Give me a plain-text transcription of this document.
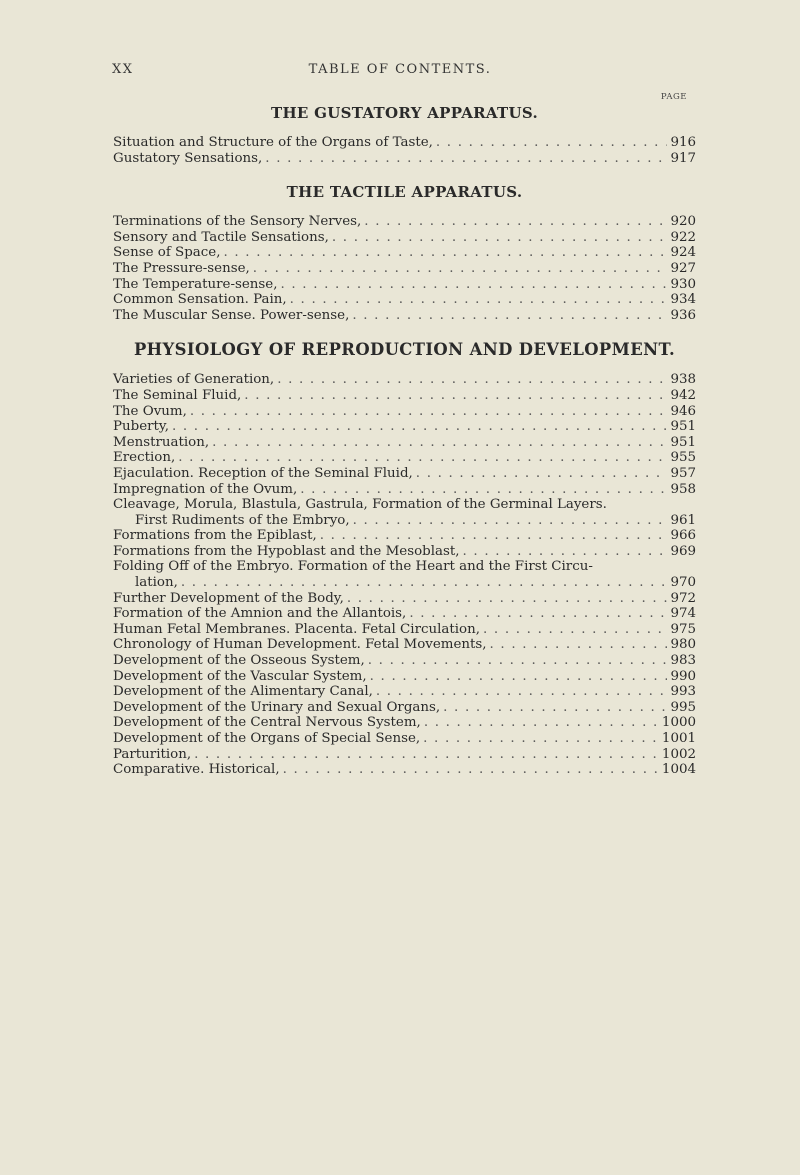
XX	TABLE OF CONTENTS.
PAGE
THE GUSTATORY APPARATUS.
Situation and Structure of the Organs of Taste, . . .	916
Gustatory Sensations, . . .	917
THE TACTILE APPARATUS.
Terminations of the Sensory Nerves, . . .	920
Sensory and Tactile Sensations, . . .	922
Sense of Space, . . .	924
The Pressure-sense, . . .	927
The Temperature-sense, . . .	930
Common Sensation. Pain, . . .	934
The Muscular Sense. Power-sense, . . .	936
PHYSIOLOGY OF REPRODUCTION AND DEVELOPMENT.
Varieties of Generation, . . .	938
The Seminal Fluid, . . .	942
The Ovum, . . .	946
Puberty, . . .	951
Menstruation, . . .	951
Erection, . . .	955
Ejaculation. Reception of the Seminal Fluid, . . .	957
Impregnation of the Ovum, . . .	958
Cleavage, Morula, Blastula, Gastrula, Formation of the Germinal Layers.
First Rudiments of the Embryo, . . .	961
Formations from the Epiblast, . . .	966
Formations from the Hypoblast and the Mesoblast, . . .	969
Folding Off of the Embryo. Formation of the Heart and the First Circu-
lation, . . .	970
Further Development of the Body, . . .	972
Formation of the Amnion and the Allantois, . . .	974
Human Fetal Membranes. Placenta. Fetal Circulation, . . .	975
Chronology of Human Development. Fetal Movements, . . .	980
Development of the Osseous System, . . .	983
Development of the Vascular System, . . .	990
Development of the Alimentary Canal, . . .	993
Development of the Urinary and Sexual Organs, . . .	995
Development of the Central Nervous System, . . .	1000
Development of the Organs of Special Sense, . . .	1001
Parturition, . . .	1002
Comparative. Historical, . . .	1004
